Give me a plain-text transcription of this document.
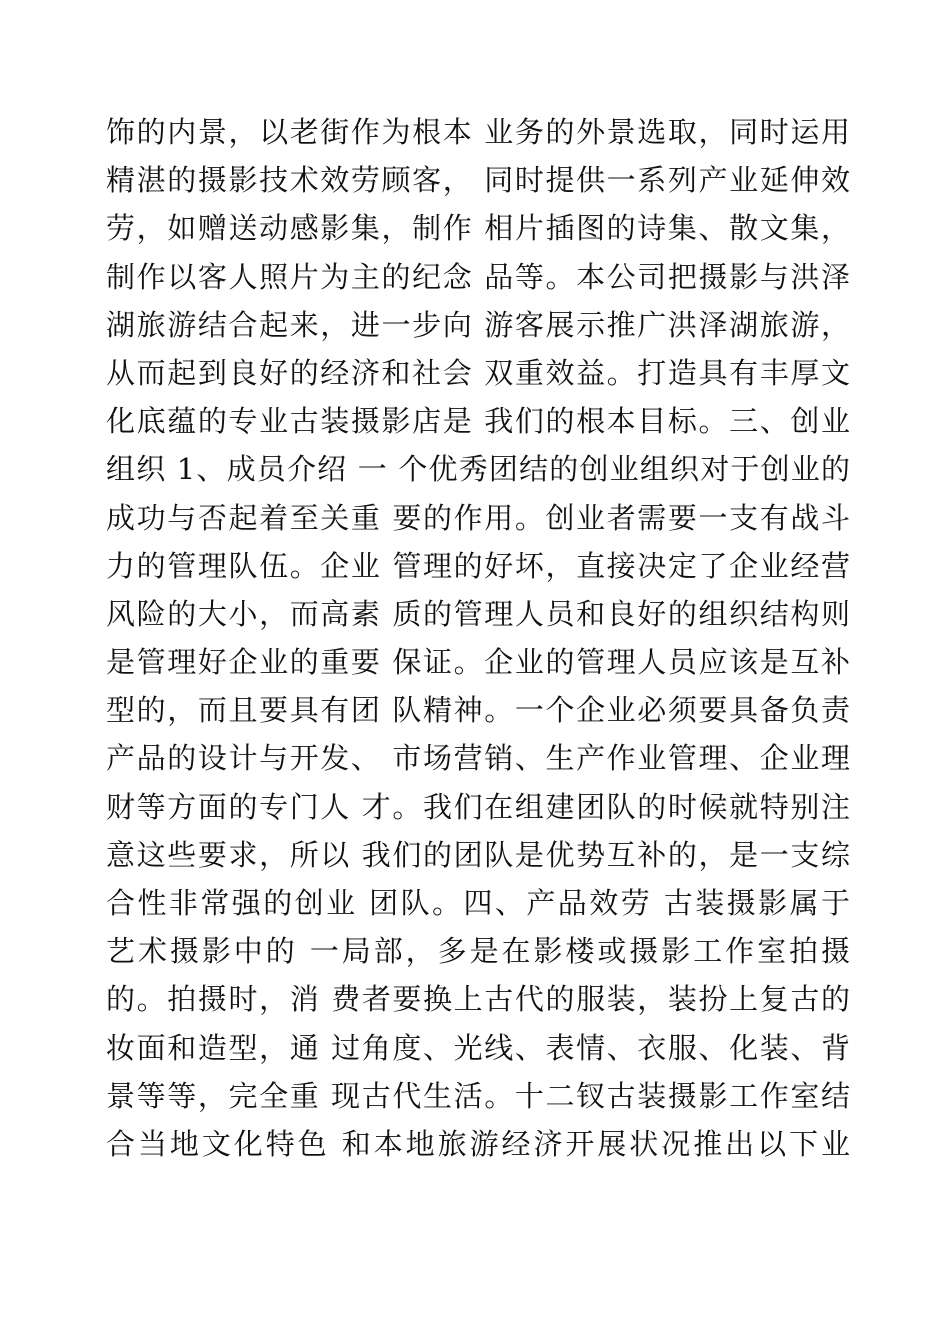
饰的内景，以老街作为根本 业务的外景选取，同时运用
精湛的摄影技术效劳顾客， 同时提供一系列产业延伸效
劳，如赠送动感影集，制作 相片插图的诗集、散文集，
制作以客人照片为主的纪念 品等。本公司把摄影与洪泽
湖旅游结合起来，进一步向 游客展示推广洪泽湖旅游，
从而起到良好的经济和社会 双重效益。打造具有丰厚文
化底蕴的专业古装摄影店是 我们的根本目标。三、创业
组织 1、成员介绍 一 个优秀团结的创业组织对于创业的
成功与否起着至关重 要的作用。创业者需要一支有战斗
力的管理队伍。企业 管理的好坏，直接决定了企业经营
风险的大小，而高素 质的管理人员和良好的组织结构则
是管理好企业的重要 保证。企业的管理人员应该是互补
型的，而且要具有团 队精神。一个企业必须要具备负责
产品的设计与开发、 市场营销、生产作业管理、企业理
财等方面的专门人 才。我们在组建团队的时候就特别注
意这些要求，所以 我们的团队是优势互补的，是一支综
合性非常强的创业 团队。四、产品效劳 古装摄影属于
艺术摄影中的 一局部，多是在影楼或摄影工作室拍摄
的。拍摄时，消 费者要换上古代的服装，装扮上复古的
妆面和造型，通 过角度、光线、表情、衣服、化装、背
景等等，完全重 现古代生活。十二钗古装摄影工作室结
合当地文化特色 和本地旅游经济开展状况推出以下业
